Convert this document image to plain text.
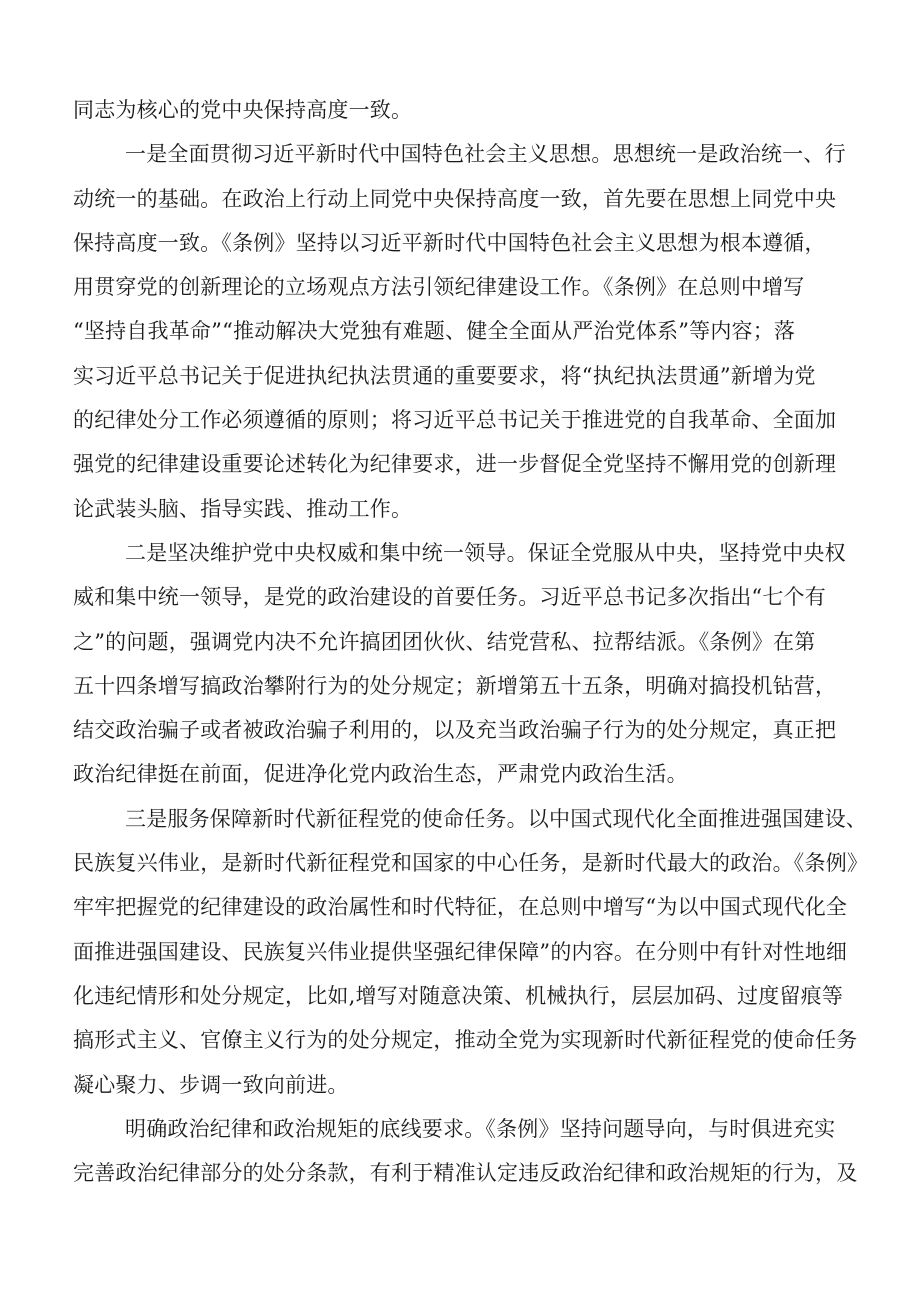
同志为核心的党中央保持高度一致。

一是全面贯彻习近平新时代中国特色社会主义思想。思想统一是政治统一、行
动统一的基础。在政治上行动上同党中央保持高度一致，首先要在思想上同党中央
保持高度一致。《条例》坚持以习近平新时代中国特色社会主义思想为根本遵循，
用贯穿党的创新理论的立场观点方法引领纪律建设工作。《条例》在总则中增写
“坚持自我革命”“推动解决大党独有难题、健全全面从严治党体系”等内容；落
实习近平总书记关于促进执纪执法贯通的重要要求，将“执纪执法贯通”新增为党
的纪律处分工作必须遵循的原则；将习近平总书记关于推进党的自我革命、全面加
强党的纪律建设重要论述转化为纪律要求，进一步督促全党坚持不懈用党的创新理
论武装头脑、指导实践、推动工作。

二是坚决维护党中央权威和集中统一领导。保证全党服从中央，坚持党中央权
威和集中统一领导，是党的政治建设的首要任务。习近平总书记多次指出“七个有
之”的问题，强调党内决不允许搞团团伙伙、结党营私、拉帮结派。《条例》在第
五十四条增写搞政治攀附行为的处分规定；新增第五十五条，明确对搞投机钻营，
结交政治骗子或者被政治骗子利用的，以及充当政治骗子行为的处分规定，真正把
政治纪律挺在前面，促进净化党内政治生态，严肃党内政治生活。

三是服务保障新时代新征程党的使命任务。以中国式现代化全面推进强国建设、
民族复兴伟业，是新时代新征程党和国家的中心任务，是新时代最大的政治。《条例》
牢牢把握党的纪律建设的政治属性和时代特征，在总则中增写“为以中国式现代化全
面推进强国建设、民族复兴伟业提供坚强纪律保障”的内容。在分则中有针对性地细
化违纪情形和处分规定，比如,增写对随意决策、机械执行，层层加码、过度留痕等
搞形式主义、官僚主义行为的处分规定，推动全党为实现新时代新征程党的使命任务
凝心聚力、步调一致向前进。

明确政治纪律和政治规矩的底线要求。《条例》坚持问题导向，与时俱进充实
完善政治纪律部分的处分条款，有利于精准认定违反政治纪律和政治规矩的行为，及
